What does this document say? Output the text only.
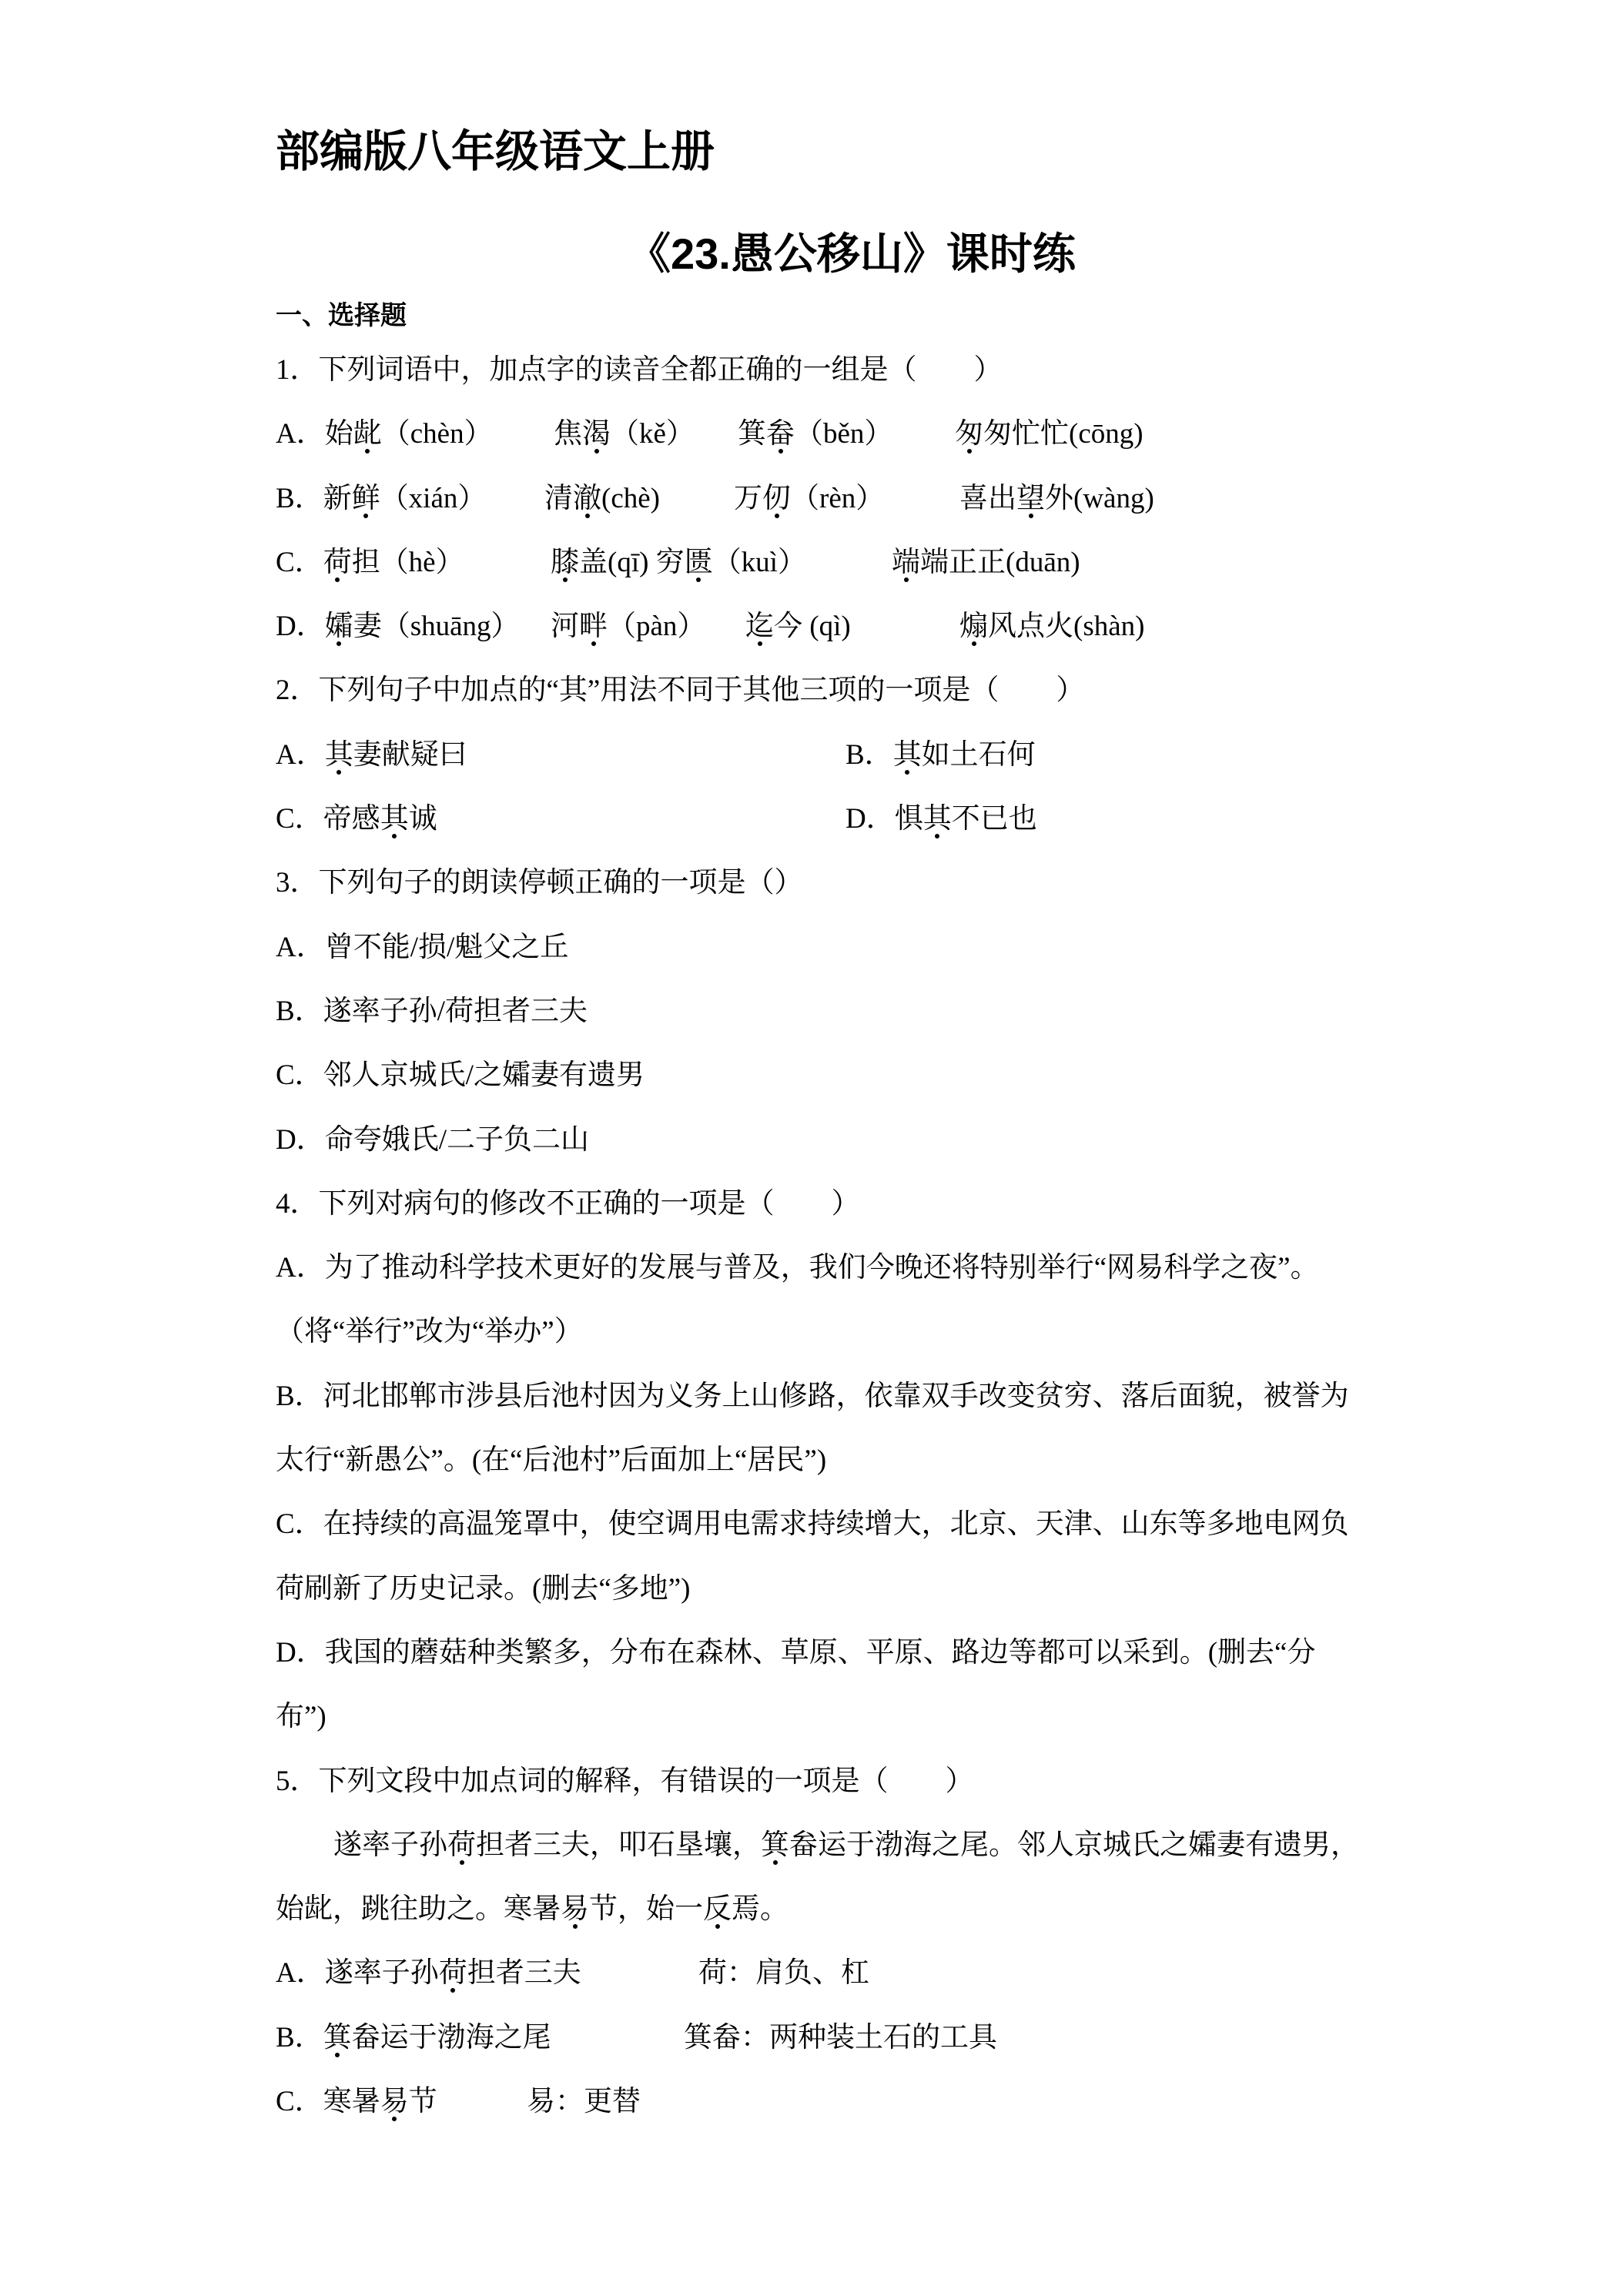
部编版八年级语文上册
《23.愚公移山》课时练
一、选择题
1．下列词语中，加点字的读音全都正确的一组是（　　）
A．始龀（chèn） 焦渴（kě） 箕畚（běn） 匆匆忙忙(cōng)
B．新鲜（xián） 清澈(chè)	万仞（rèn）	喜出望外(wàng)
C．荷担（hè）	膝盖(qī) 穷匮（kuì）	端端正正(duān)
D．孀妻（shuāng） 河畔（pàn） 迄今 (qì)	煽风点火(shàn)
2．下列句子中加点的“其”用法不同于其他三项的一项是（　　）
A．其妻献疑曰	B．其如土石何
C．帝感其诚	D．惧其不已也
3．下列句子的朗读停顿正确的一项是（）
A．曾不能/损/魁父之丘
B．遂率子孙/荷担者三夫
C．邻人京城氏/之孀妻有遗男
D．命夸娥氏/二子负二山
4．下列对病句的修改不正确的一项是（　　）
A．为了推动科学技术更好的发展与普及，我们今晚还将特别举行“网易科学之夜”。
（将“举行”改为“举办”）
B．河北邯郸市涉县后池村因为义务上山修路，依靠双手改变贫穷、落后面貌，被誉为
太行“新愚公”。(在“后池村”后面加上“居民”)
C．在持续的高温笼罩中，使空调用电需求持续增大，北京、天津、山东等多地电网负
荷刷新了历史记录。(删去“多地”)
D．我国的蘑菇种类繁多，分布在森林、草原、平原、路边等都可以采到。(删去“分
布”)
5．下列文段中加点词的解释，有错误的一项是（　　）
遂率子孙荷担者三夫，叩石垦壤，箕畚运于渤海之尾。邻人京城氏之孀妻有遗男，
始龀，跳往助之。寒暑易节，始一反焉。
A．遂率子孙荷担者三夫	荷：肩负、杠
B．箕畚运于渤海之尾	箕畚：两种装土石的工具
C．寒暑易节	易：更替
